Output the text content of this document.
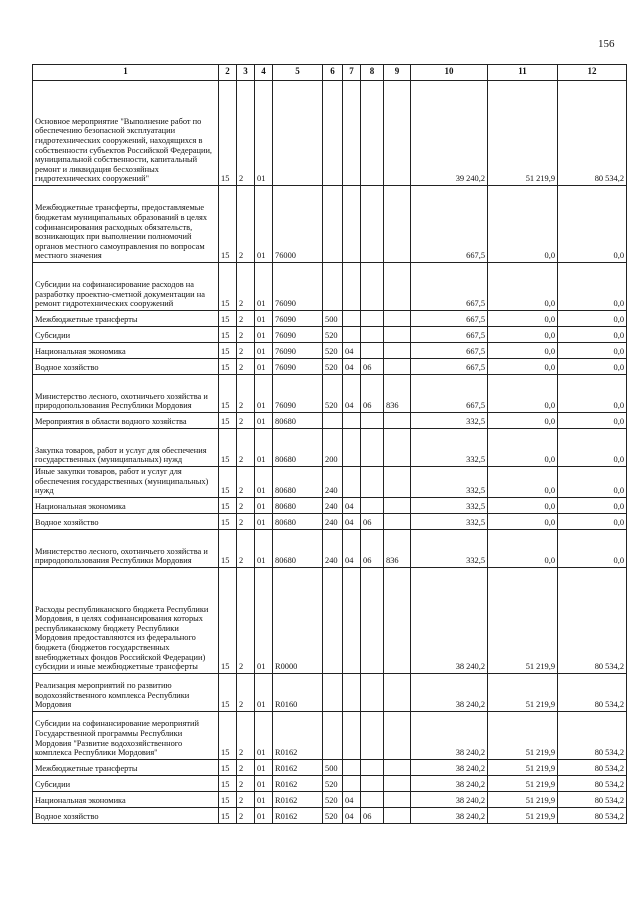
156
1	2	3	4	5	6	7	8	9	10	11	12
Основное мероприятие "Выполнение работ по обеспечению безопасной эксплуатации гидротехнических сооружений, находящихся в собственности субъектов Российской Федерации, муниципальной собственности, капитальный ремонт и ликвидация бесхозяйных гидротехнических сооружений"	15	2	01						39 240,2	51 219,9	80 534,2
Межбюджетные трансферты, предоставляемые бюджетам муниципальных образований в целях софинансирования расходных обязательств, возникающих при выполнении полномочий органов местного самоуправления по вопросам местного значения	15	2	01	76000					667,5	0,0	0,0
Субсидии на софинансирование расходов на разработку проектно-сметной документации на ремонт гидротехнических сооружений	15	2	01	76090					667,5	0,0	0,0
Межбюджетные трансферты	15	2	01	76090	500				667,5	0,0	0,0
Субсидии	15	2	01	76090	520				667,5	0,0	0,0
Национальная экономика	15	2	01	76090	520	04			667,5	0,0	0,0
Водное хозяйство	15	2	01	76090	520	04	06		667,5	0,0	0,0
Министерство лесного, охотничьего хозяйства и природопользования Республики Мордовия	15	2	01	76090	520	04	06	836	667,5	0,0	0,0
Мероприятия в области водного хозяйства	15	2	01	80680					332,5	0,0	0,0
Закупка товаров, работ и услуг для обеспечения государственных (муниципальных) нужд	15	2	01	80680	200				332,5	0,0	0,0
Иные закупки товаров, работ и услуг для обеспечения государственных (муниципальных) нужд	15	2	01	80680	240				332,5	0,0	0,0
Национальная экономика	15	2	01	80680	240	04			332,5	0,0	0,0
Водное хозяйство	15	2	01	80680	240	04	06		332,5	0,0	0,0
Министерство лесного, охотничьего хозяйства и природопользования Республики Мордовия	15	2	01	80680	240	04	06	836	332,5	0,0	0,0
Расходы республиканского бюджета Республики Мордовия, в целях софинансирования которых республиканскому бюджету Республики Мордовия предоставляются из федерального бюджета (бюджетов государственных внебюджетных фондов Российской Федерации) субсидии и иные межбюджетные трансферты	15	2	01	R0000					38 240,2	51 219,9	80 534,2
Реализация мероприятий по развитию водохозяйственного комплекса Республики Мордовия	15	2	01	R0160					38 240,2	51 219,9	80 534,2
Субсидии на софинансирование мероприятий Государственной программы Республики Мордовия "Развитие водохозяйственного комплекса Республики Мордовия"	15	2	01	R0162					38 240,2	51 219,9	80 534,2
Межбюджетные трансферты	15	2	01	R0162	500				38 240,2	51 219,9	80 534,2
Субсидии	15	2	01	R0162	520				38 240,2	51 219,9	80 534,2
Национальная экономика	15	2	01	R0162	520	04			38 240,2	51 219,9	80 534,2
Водное хозяйство	15	2	01	R0162	520	04	06		38 240,2	51 219,9	80 534,2
